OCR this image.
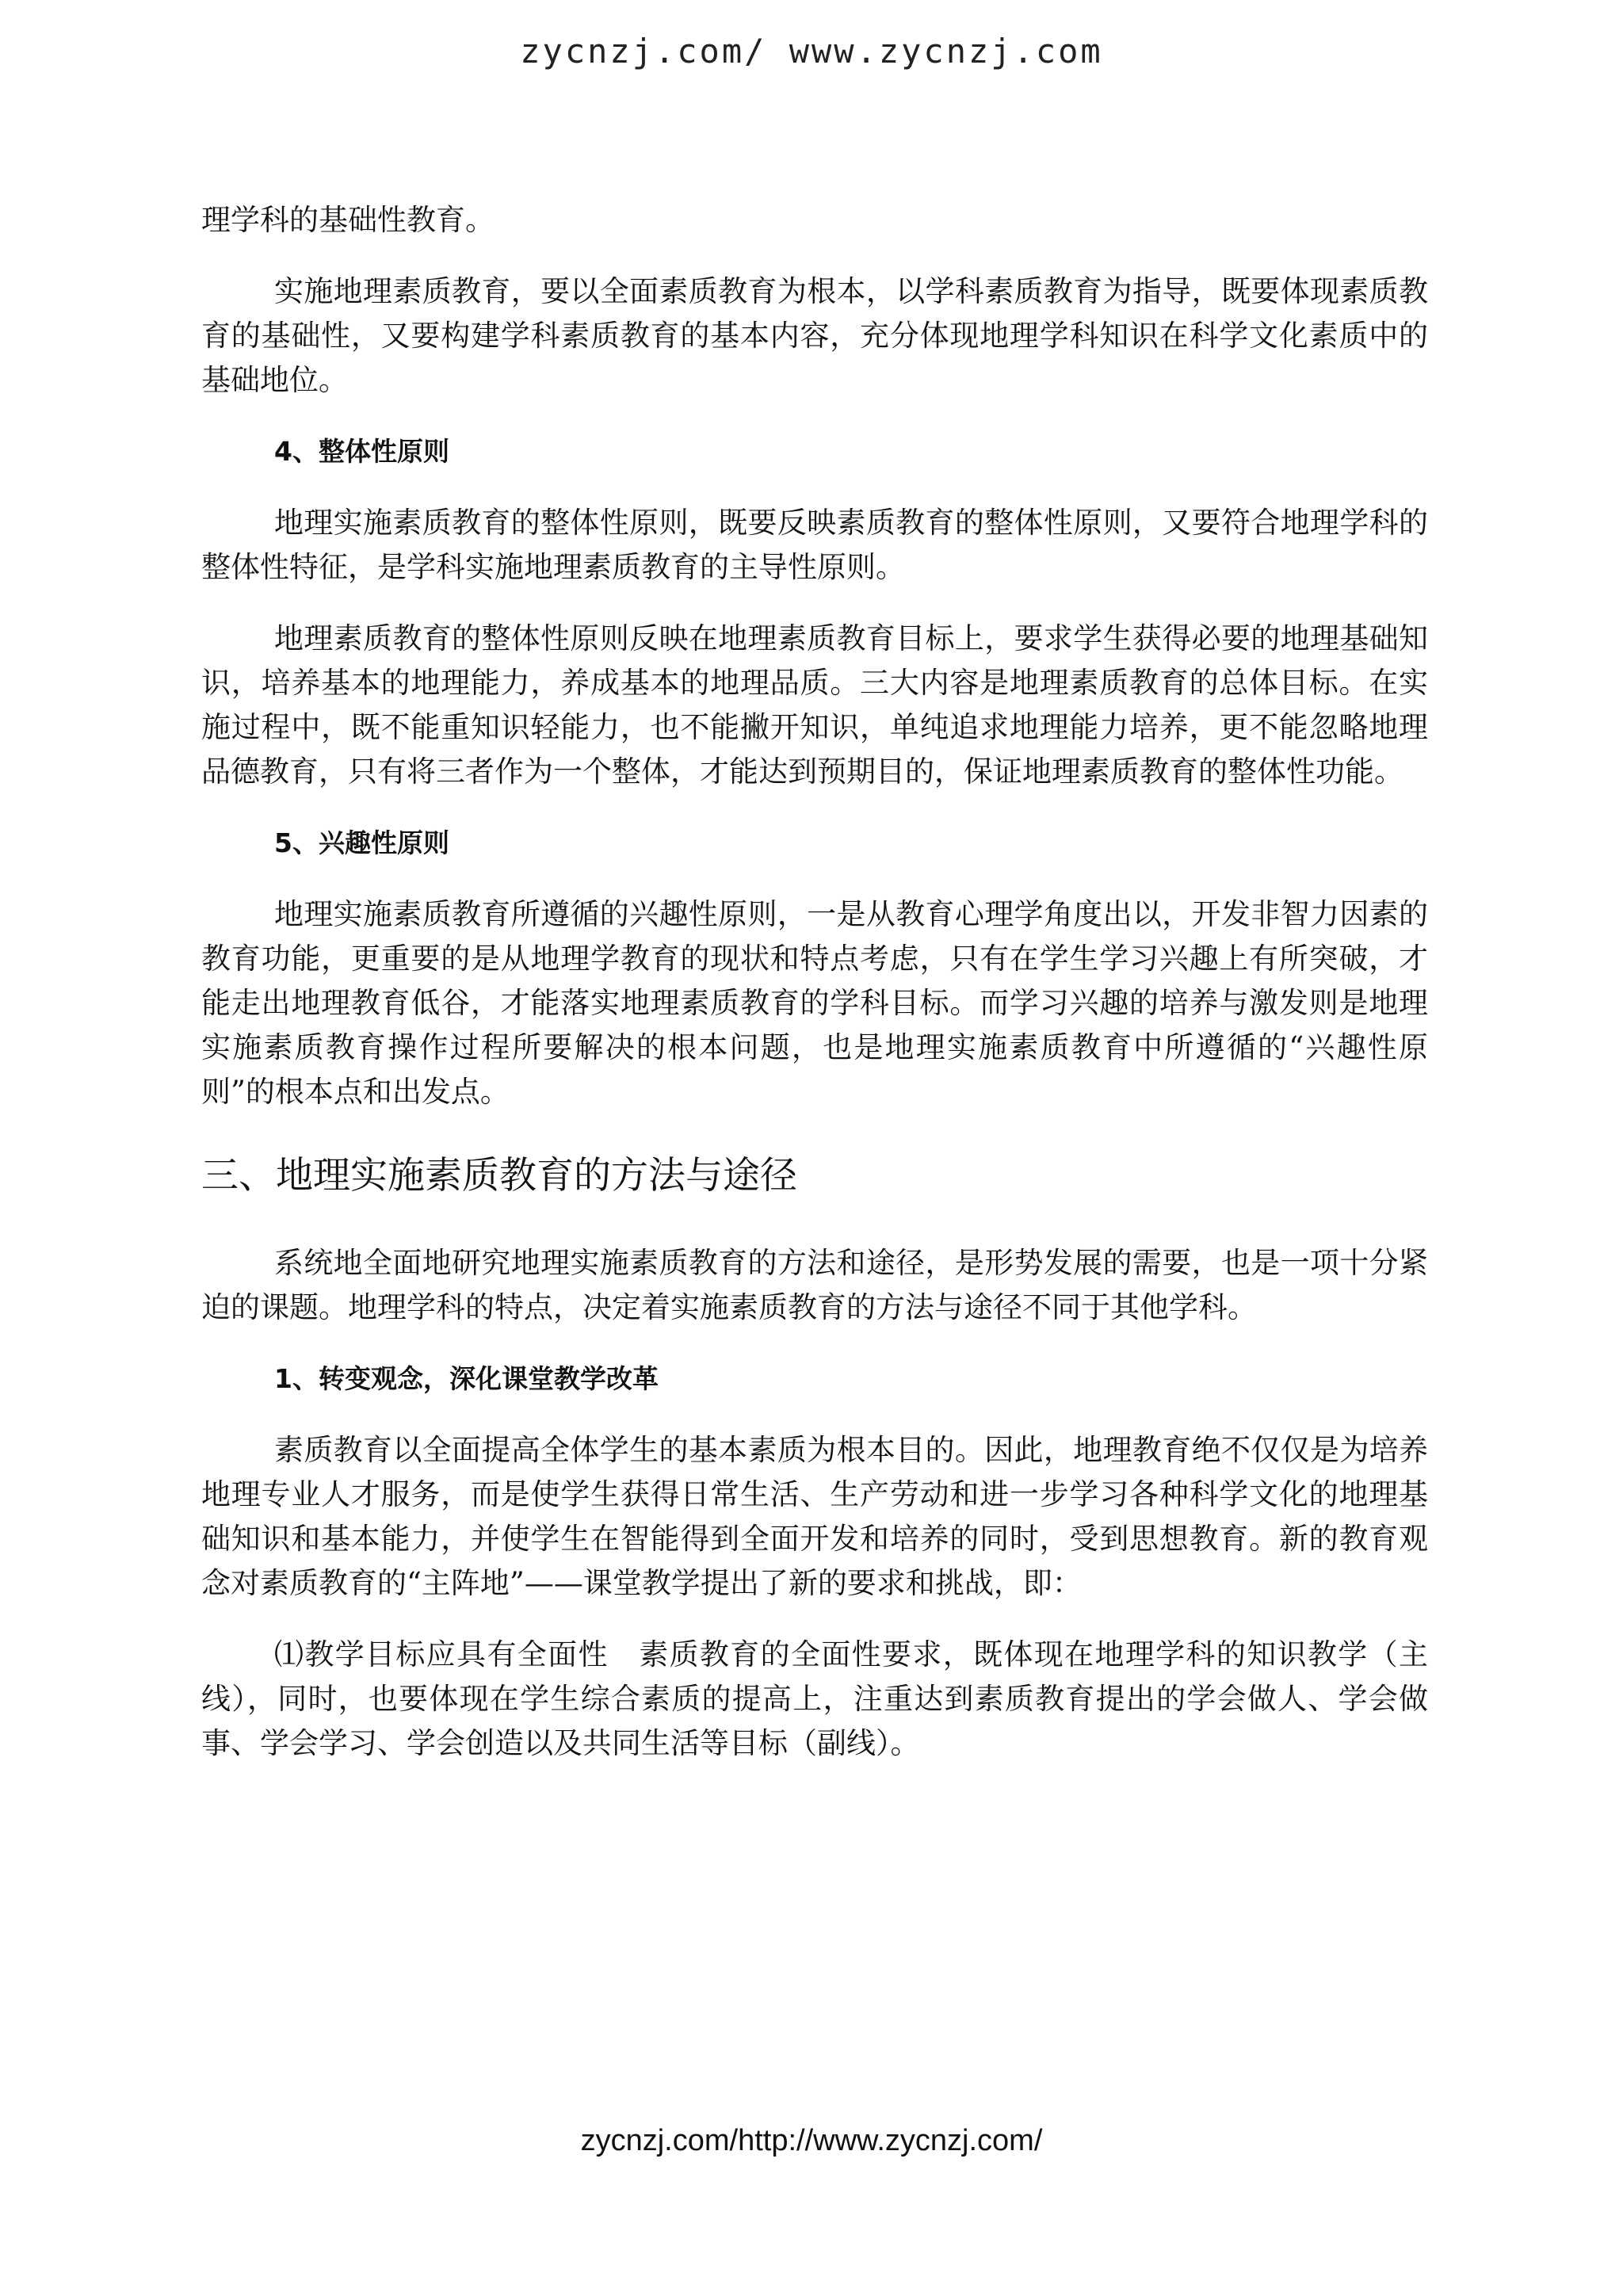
zycnzj.com/ www.zycnzj.com

理学科的基础性教育。

实施地理素质教育，要以全面素质教育为根本，以学科素质教育为指导，既要体现素质教育的基础性，又要构建学科素质教育的基本内容，充分体现地理学科知识在科学文化素质中的基础地位。

4、整体性原则

地理实施素质教育的整体性原则，既要反映素质教育的整体性原则，又要符合地理学科的整体性特征，是学科实施地理素质教育的主导性原则。

地理素质教育的整体性原则反映在地理素质教育目标上，要求学生获得必要的地理基础知识，培养基本的地理能力，养成基本的地理品质。三大内容是地理素质教育的总体目标。在实施过程中，既不能重知识轻能力，也不能撇开知识，单纯追求地理能力培养，更不能忽略地理品德教育，只有将三者作为一个整体，才能达到预期目的，保证地理素质教育的整体性功能。

5、兴趣性原则

地理实施素质教育所遵循的兴趣性原则，一是从教育心理学角度出以，开发非智力因素的教育功能，更重要的是从地理学教育的现状和特点考虑，只有在学生学习兴趣上有所突破，才能走出地理教育低谷，才能落实地理素质教育的学科目标。而学习兴趣的培养与激发则是地理实施素质教育操作过程所要解决的根本问题，也是地理实施素质教育中所遵循的“兴趣性原则”的根本点和出发点。

三、地理实施素质教育的方法与途径

系统地全面地研究地理实施素质教育的方法和途径，是形势发展的需要，也是一项十分紧迫的课题。地理学科的特点，决定着实施素质教育的方法与途径不同于其他学科。

1、转变观念，深化课堂教学改革

素质教育以全面提高全体学生的基本素质为根本目的。因此，地理教育绝不仅仅是为培养地理专业人才服务，而是使学生获得日常生活、生产劳动和进一步学习各种科学文化的地理基础知识和基本能力，并使学生在智能得到全面开发和培养的同时，受到思想教育。新的教育观念对素质教育的“主阵地”——课堂教学提出了新的要求和挑战，即：

⑴教学目标应具有全面性　素质教育的全面性要求，既体现在地理学科的知识教学（主线），同时，也要体现在学生综合素质的提高上，注重达到素质教育提出的学会做人、学会做事、学会学习、学会创造以及共同生活等目标（副线）。

zycnzj.com/http://www.zycnzj.com/
